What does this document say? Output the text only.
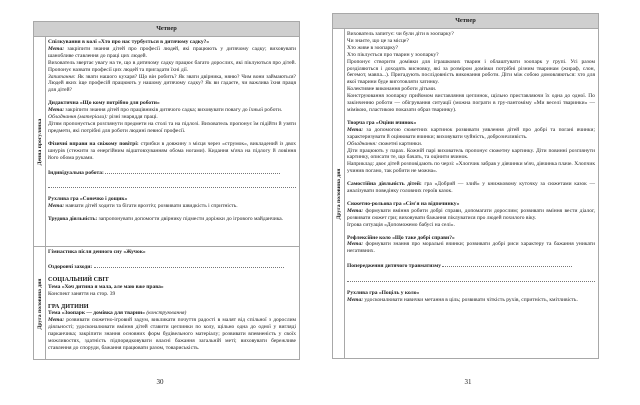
Четвер
Денна прогулянка

Спілкування в колі «Хто про нас турбується в дитячому садку?»
Мета: закріпити знання дітей про професії людей, які працюють у дитячому садку; виховувати шанобливе ставлення до праці цих людей.
Вихователь звертає увагу на те, що в дитячому садку працює багато дорослих, які піклуються про дітей. Пропонує назвати професії цих людей та пригадати їхні дії.
Запитання: Як звати нашого кухаря? Що він робить? Як звати двірника, няню? Чим вони займаються? Людей яких іще професій працюють у нашому дитячому садку? Як ви гадаєте, чи важлива їхня праця для дітей?

Дидактична «Що кому потрібно для роботи»
Мета: закріпити знання дітей про працівників дитячого садка; виховувати повагу до їхньої роботи.
Обладнання (матеріали): різні знаряддя праці.
Дітям пропонується розглянути предмети на столі та на підлозі. Вихователь пропонує їм підійти й узяти предмети, які потрібні для роботи людині певної професії.

Фізичні вправи на свіжому повітрі: стрибки в довжину з місця через «струмок», викладений із двох шнурів (стежити за енергійним відштовхуванням обома ногами). Кидання м'яча на підлогу й ловіння його обома руками.

Індивідуальна робота:

Рухлива гра «Сонечко і дощик»
Мета: навчати дітей ходити та бігати врозтіч; розвивати швидкість і спритність.

Трудова діяльність: запропонувати допомогти двірнику підмести доріжки до ігрового майданчика.

Друга половина дня

Гімнастика після денного сну «Жучок»

Оздоровчі заходи:

СОЦІАЛЬНИЙ СВІТ
Тема «Хоч дитина я мала, але маю вже права»
Конспект заняття на стор. 39

ГРА ДИТИНИ
Тема «Зоопарк — домівка для тварин» (конструювання)
Мета: розвивати сюжетно-ігровий задум, викликати почуття радості в малят від спільної з дорослим діяльності; удосконалювати вміння дітей ставити цеглинки по колу, щільно одна до одної у вигляді парканчика; закріпити знання основних форм будівельного матеріалу; розвивати впевненість у своїх можливостях, здатність підпорядковувати власні бажання загальній меті; виховувати бережливе ставлення до споруди, бажання працювати разом, товариськість.

30
Четвер
Друга половина дня

Вихователь запитує: чи були діти в зоопарку?
Чи знаєте, що це за місце?
Хто живе в зоопарку?
Хто піклується про тварин у зоопарку?
Пропонує створити домівки для іграшкових тварин і облаштувати зоопарк у групі. Усі разом розділяються і доходять висновку, які за розміром домівки потрібні різним тваринам (жираф, слон, бегемот, мавпа...). Пригадують послідовність виконання роботи. Діти між собою домовляються: хто для якої тварини буде виготовляти хатинку.
Колективне виконання роботи дітьми.
Конструювання зоопарку прийомом виставляння цеглинок, щільно приставляючи їх одна до одної. По закінченню роботи — обігрування ситуації (можна пограти в гру-пантоміму «Ми веселі тваринки» — мімікою, пластикою показати образ тваринку).

Творча гра «Оціни вчинок»
Мета: за допомогою сюжетних картинок розвивати уявлення дітей про добрі та погані вчинки; характеризувати й оцінювати вчинки; виховувати чуйність, доброзичливість.
Обладнання: сюжетні картинки.
Діти працюють у парах. Кожній парі вихователь пропонує сюжетну картинку. Діти повинні розглянути картинку, описати те, що бачать, та оцінити вчинок.
Наприклад: двоє дітей розповідають по черзі: «Хлопчик забрав у дівчинки м'яч, дівчинка плаче. Хлопчик учинив погано, так робити не можна».

Самостійна діяльність дітей: гра «Добрий — злий» у книжковому куточку за сюжетами казок — аналізувати поведінку головних героїв казок.

Сюжетно-рольова гра «Сім'я на відпочинку»
Мета: формувати вміння робити добрі справи, допомагати дорослим; розвивати вміння вести діалог, розвивати сюжет гри; виховувати бажання піклуватися про людей похилого віку.
Ігрова ситуація «Допоможемо бабусі на селі».

Рефлексійне коло «Що таке добрі справи?»
Мета: формувати знання про моральні вчинки; розвивати добрі риси характеру та бажання уникати негативних.

Попередження дитячого травматизму

Рухлива гра «Поціль у коло»
Мета: удосконалювати навички метання в ціль; розвивати чіткість рухів, спритність, кмітливість.

31
